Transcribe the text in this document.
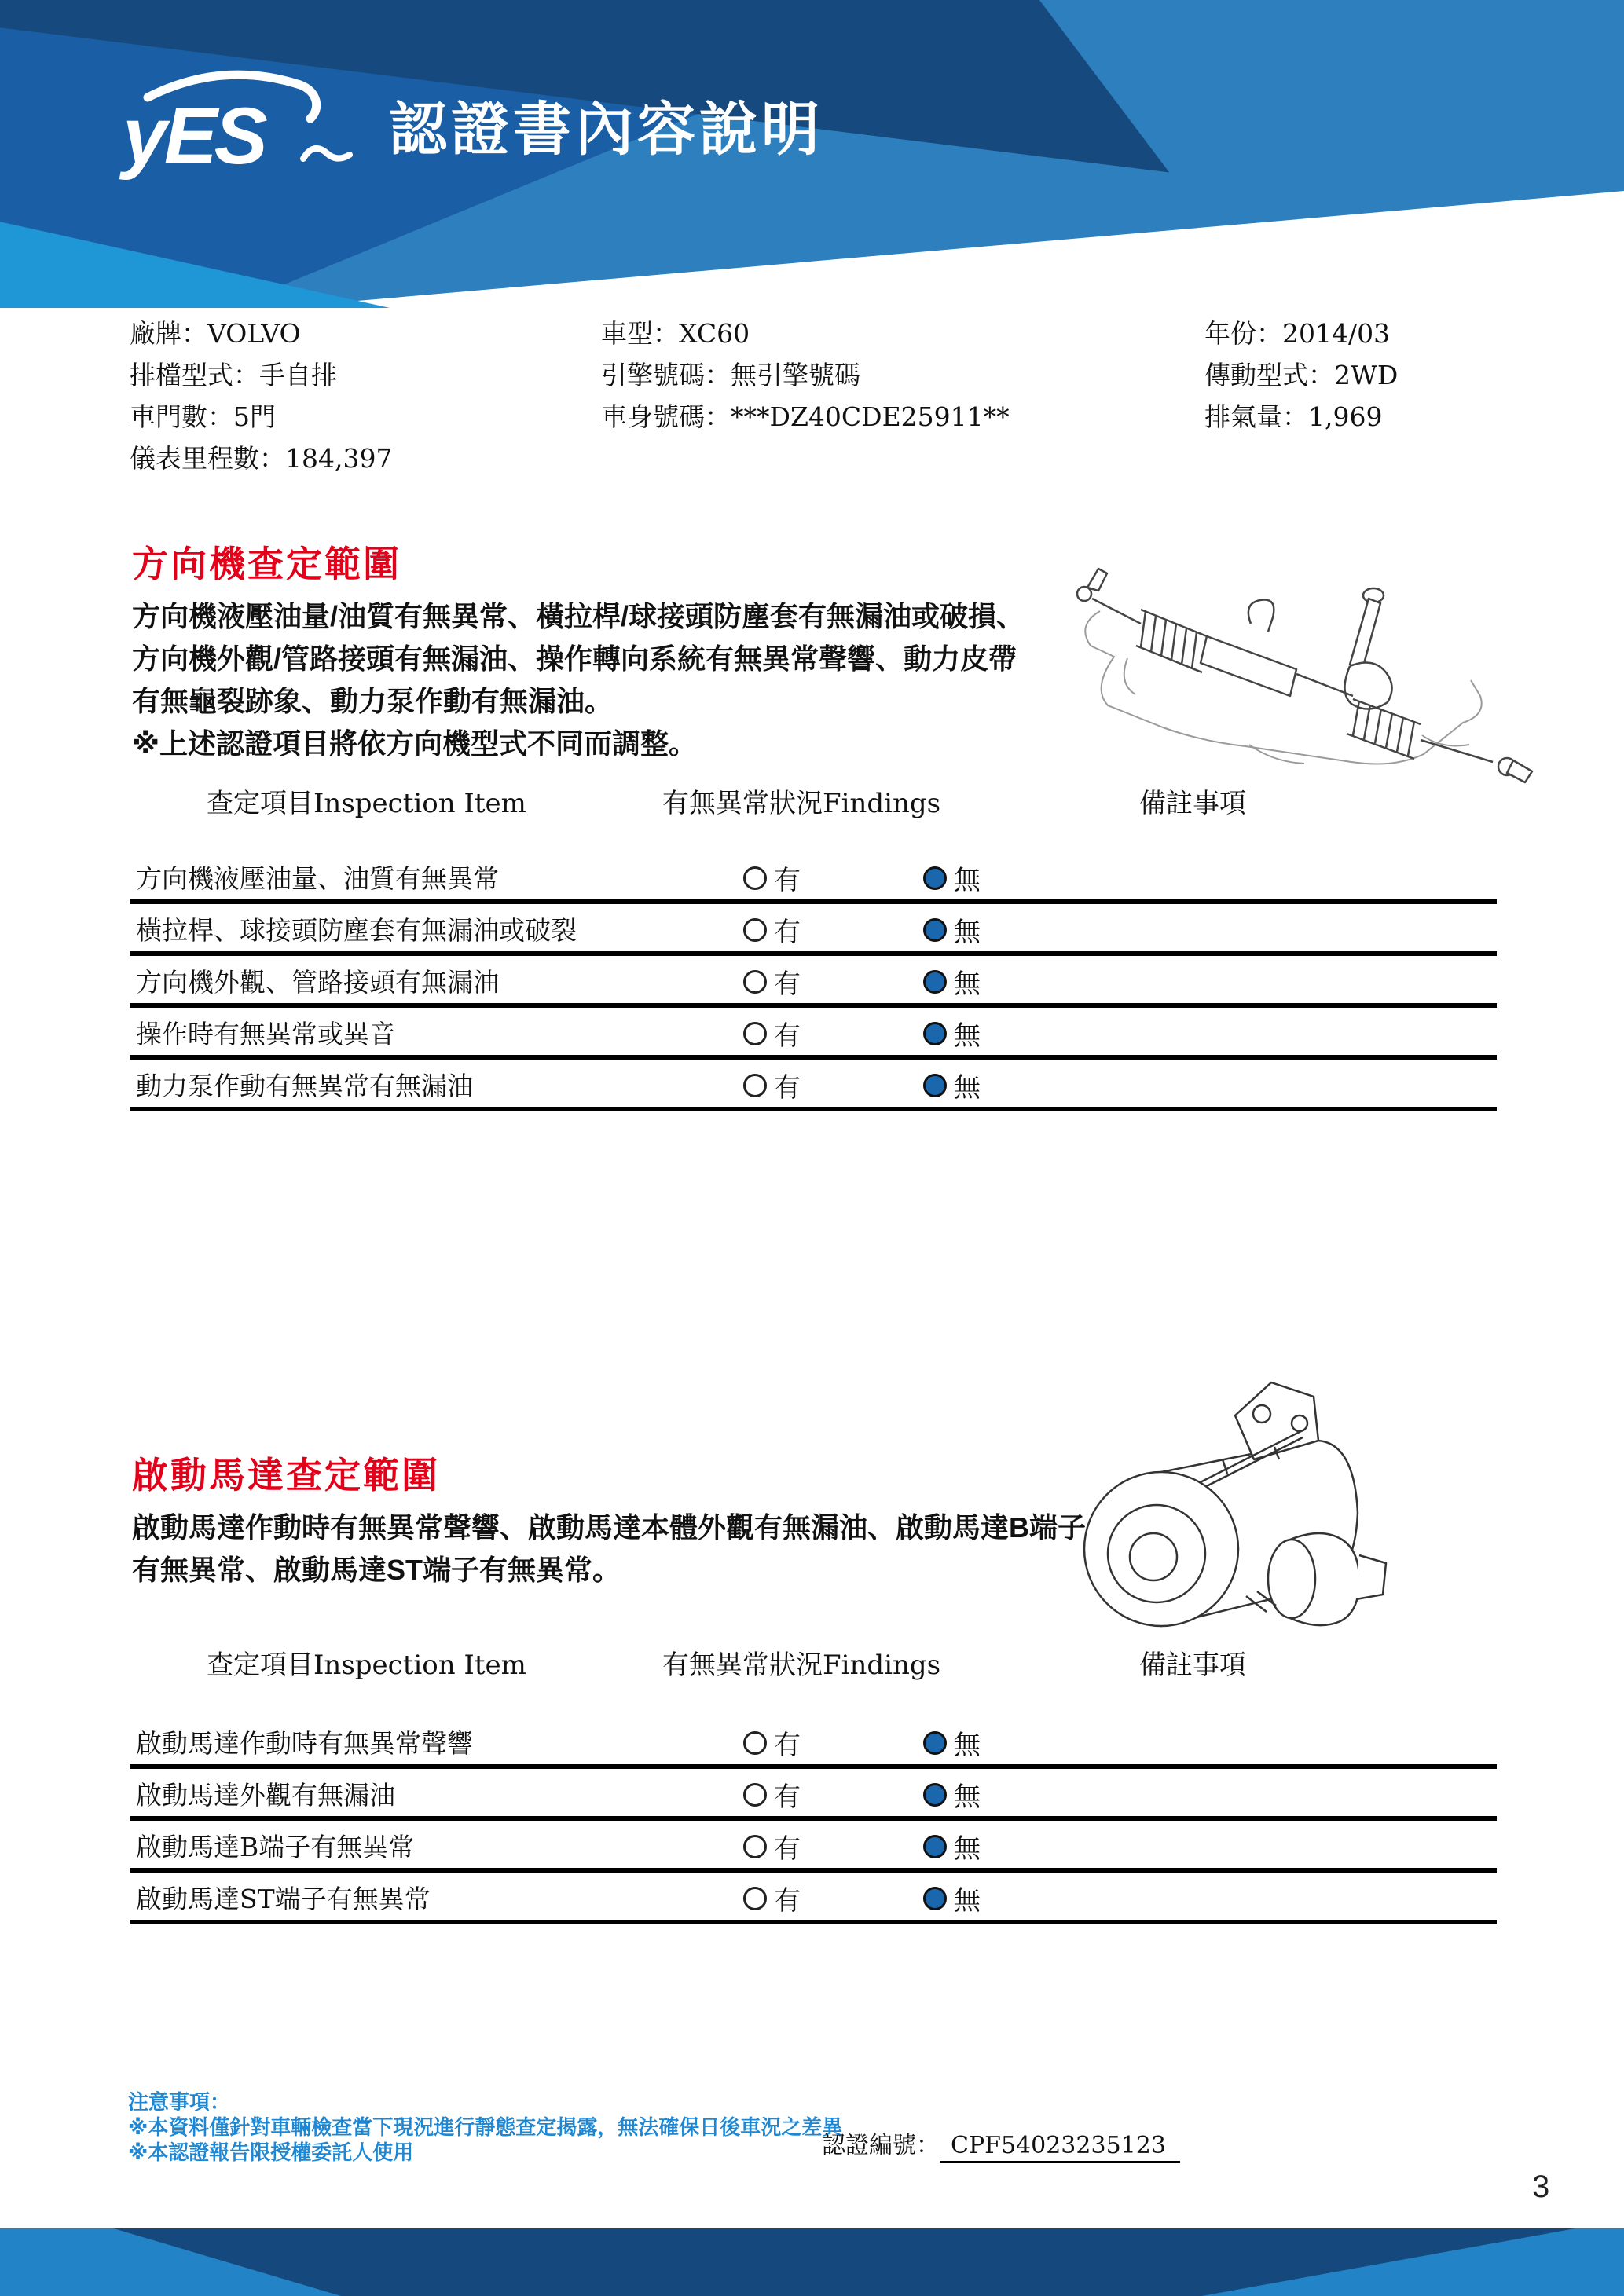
yES 認證書內容說明
廠牌：VOLVO
排檔型式：手自排
車門數：5門
儀表里程數：184,397
車型：XC60
引擎號碼：無引擎號碼
車身號碼：***DZ40CDE25911**
年份：2014/03
傳動型式：2WD
排氣量：1,969
方向機查定範圍
方向機液壓油量/油質有無異常、橫拉桿/球接頭防塵套有無漏油或破損、
方向機外觀/管路接頭有無漏油、操作轉向系統有無異常聲響、動力皮帶
有無龜裂跡象、動力泵作動有無漏油。
※上述認證項目將依方向機型式不同而調整。
查定項目Inspection Item	有無異常狀況Findings	備註事項
方向機液壓油量、油質有無異常	有	無
橫拉桿、球接頭防塵套有無漏油或破裂	有	無
方向機外觀、管路接頭有無漏油	有	無
操作時有無異常或異音	有	無
動力泵作動有無異常有無漏油	有	無
啟動馬達查定範圍
啟動馬達作動時有無異常聲響、啟動馬達本體外觀有無漏油、啟動馬達B端子
有無異常、啟動馬達ST端子有無異常。
查定項目Inspection Item	有無異常狀況Findings	備註事項
啟動馬達作動時有無異常聲響	有	無
啟動馬達外觀有無漏油	有	無
啟動馬達B端子有無異常	有	無
啟動馬達ST端子有無異常	有	無
注意事項：
※本資料僅針對車輛檢查當下現況進行靜態查定揭露，無法確保日後車況之差異
※本認證報告限授權委託人使用	認證編號： CPF54023235123
3
